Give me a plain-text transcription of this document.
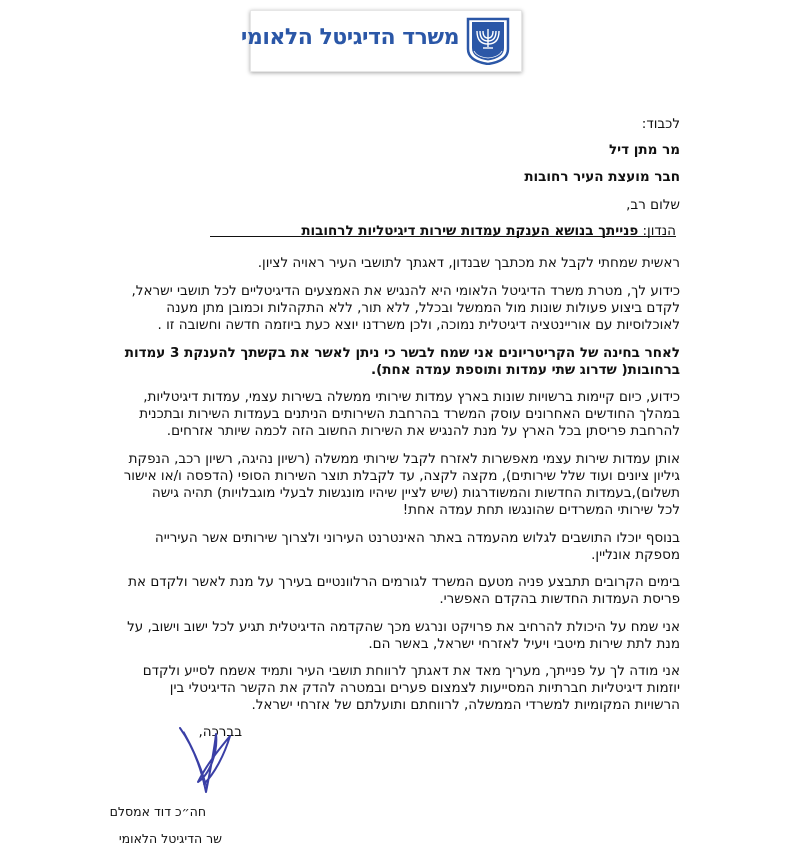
משרד הדיגיטל הלאומי
לכבוד:
מר מתן דיל
חבר מועצת העיר רחובות
שלום רב,
הנדון: פנייתך בנושא הענקת עמדות שירות דיגיטליות לרחובות
ראשית שמחתי לקבל את מכתבך שבנדון, דאגתך לתושבי העיר ראויה לציון.
כידוע לך, מטרת משרד הדיגיטל הלאומי היא להנגיש את האמצעים הדיגיטליים לכל תושבי ישראל,
לקדם ביצוע פעולות שונות מול הממשל ובכלל, ללא תור, ללא התקהלות וכמובן מתן מענה
לאוכלוסיות עם אוריינטציה דיגיטלית נמוכה, ולכן משרדנו יוצא כעת ביוזמה חדשה וחשובה זו .
לאחר בחינה של הקריטריונים אני שמח לבשר כי ניתן לאשר את בקשתך להענקת 3 עמדות
ברחובות( שדרוג שתי עמדות ותוספת עמדה אחת).
כידוע, כיום קיימות ברשויות שונות בארץ עמדות שירותי ממשלה בשירות עצמי, עמדות דיגיטליות,
במהלך החודשים האחרונים עוסק המשרד בהרחבת השירותים הניתנים בעמדות השירות ובתכנית
להרחבת פריסתן בכל הארץ על מנת להנגיש את השירות החשוב הזה לכמה שיותר אזרחים.
אותן עמדות שירות עצמי מאפשרות לאזרח לקבל שירותי ממשלה (רשיון נהיגה, רשיון רכב, הנפקת
גיליון ציונים ועוד שלל שירותים), מקצה לקצה, עד לקבלת תוצר השירות הסופי (הדפסה ו/או אישור
תשלום),בעמדות החדשות והמשודרגות (שיש לציין שיהיו מונגשות לבעלי מוגבלויות) תהיה גישה
לכל שירותי המשרדים שהונגשו תחת עמדה אחת!
בנוסף יוכלו התושבים לגלוש מהעמדה באתר האינטרנט העירוני ולצרוך שירותים אשר העירייה
מספקת אונליין.
בימים הקרובים תתבצע פניה מטעם המשרד לגורמים הרלוונטיים בעירך על מנת לאשר ולקדם את
פריסת העמדות החדשות בהקדם האפשרי.
אני שמח על היכולת להרחיב את פרויקט ונרגש מכך שהקדמה הדיגיטלית תגיע לכל ישוב וישוב, על
מנת לתת שירות מיטבי ויעיל לאזרחי ישראל, באשר הם.
אני מודה לך על פנייתך, מעריך מאד את דאגתך לרווחת תושבי העיר ותמיד אשמח לסייע ולקדם
יוזמות דיגיטליות חברתיות המסייעות לצמצום פערים ובמטרה להדק את הקשר הדיגיטלי בין
הרשויות המקומיות למשרדי הממשלה, לרווחתם ותועלתם של אזרחי ישראל.
בברכה,
חה״כ דוד אמסלם
שר הדיגיטל הלאומי
